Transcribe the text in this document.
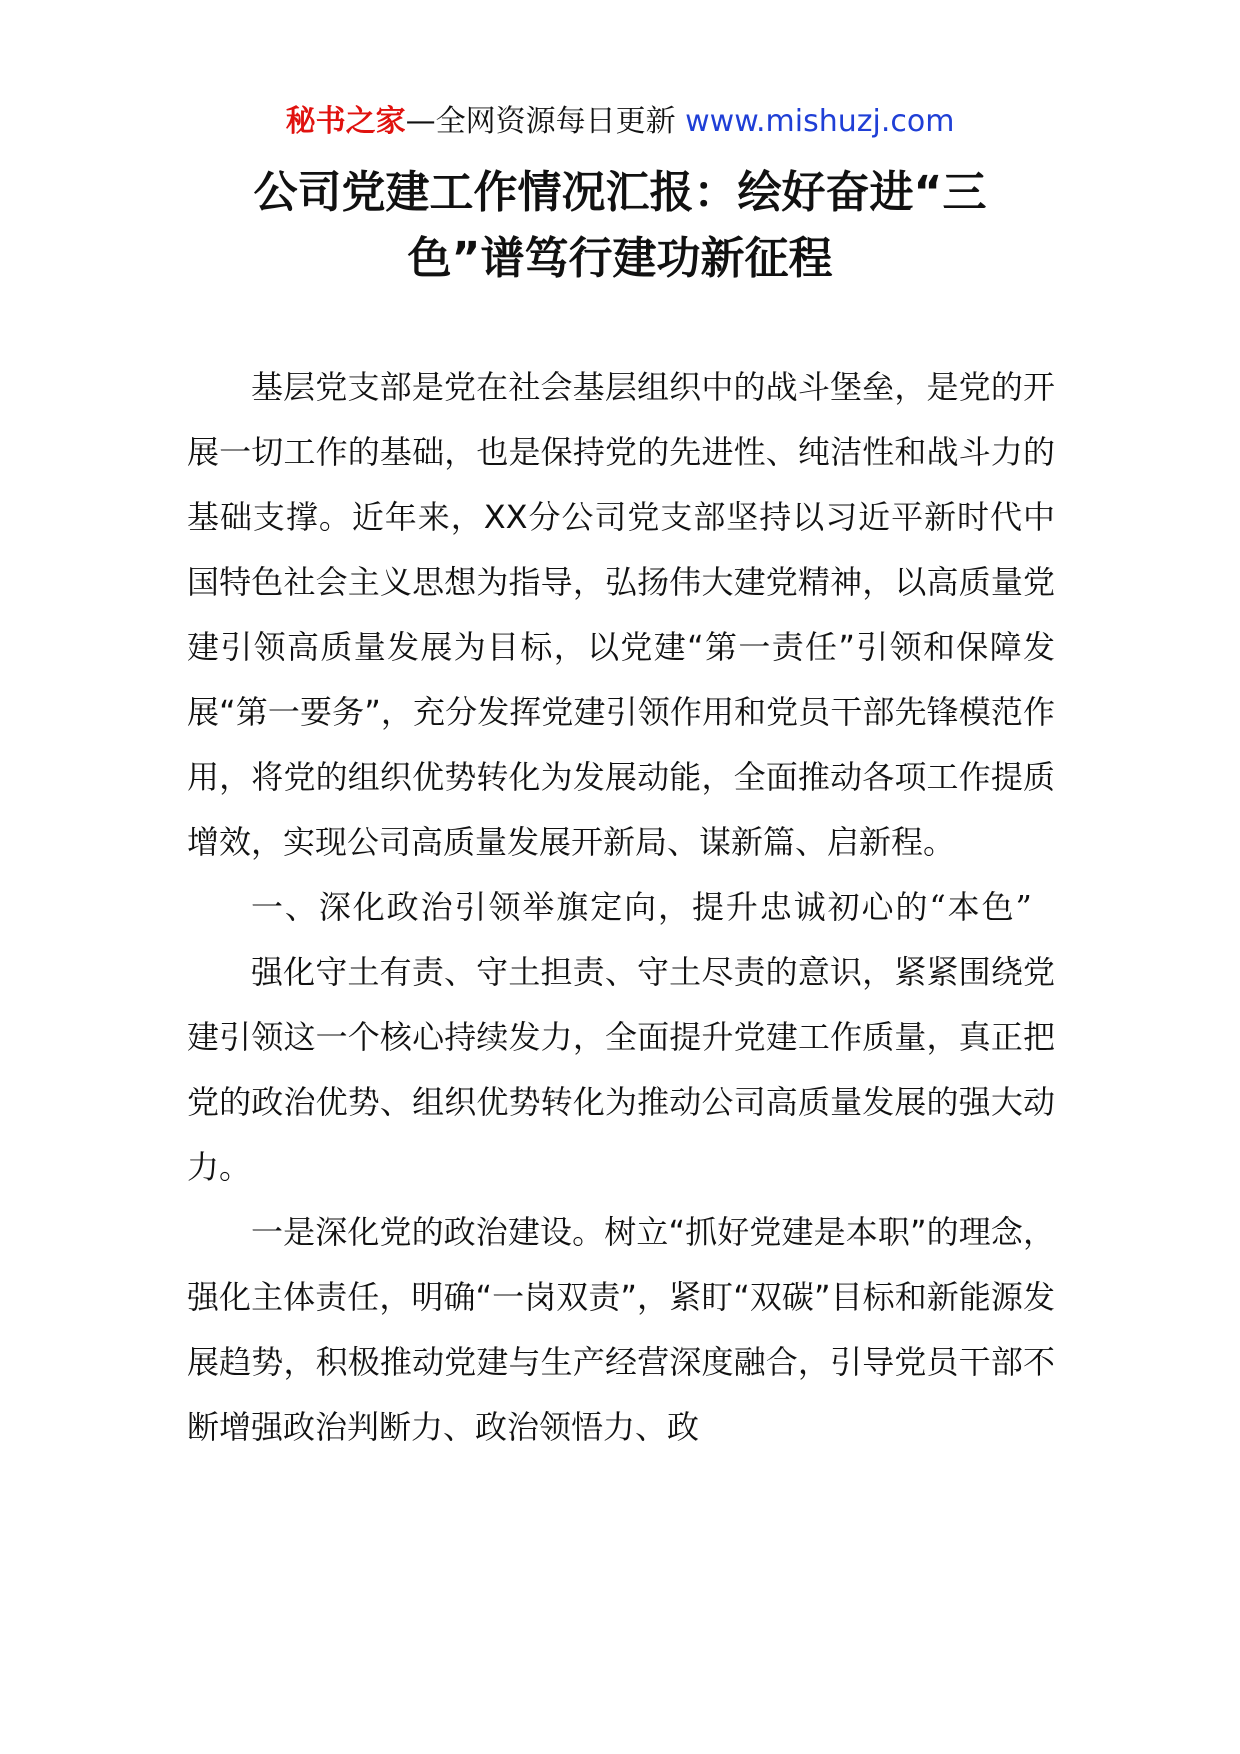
秘书之家—全网资源每日更新 www.mishuzj.com
公司党建工作情况汇报：绘好奋进“三
色”谱笃行建功新征程

基层党支部是党在社会基层组织中的战斗堡垒，是党的开展一切工作的基础，也是保持党的先进性、纯洁性和战斗力的基础支撑。近年来，XX分公司党支部坚持以习近平新时代中国特色社会主义思想为指导，弘扬伟大建党精神，以高质量党建引领高质量发展为目标，以党建“第一责任”引领和保障发展“第一要务”，充分发挥党建引领作用和党员干部先锋模范作用，将党的组织优势转化为发展动能，全面推动各项工作提质增效，实现公司高质量发展开新局、谋新篇、启新程。

一、深化政治引领举旗定向，提升忠诚初心的“本色”

强化守土有责、守土担责、守土尽责的意识，紧紧围绕党建引领这一个核心持续发力，全面提升党建工作质量，真正把党的政治优势、组织优势转化为推动公司高质量发展的强大动力。

一是深化党的政治建设。树立“抓好党建是本职”的理念，强化主体责任，明确“一岗双责”，紧盯“双碳”目标和新能源发展趋势，积极推动党建与生产经营深度融合，引导党员干部不断增强政治判断力、政治领悟力、政
